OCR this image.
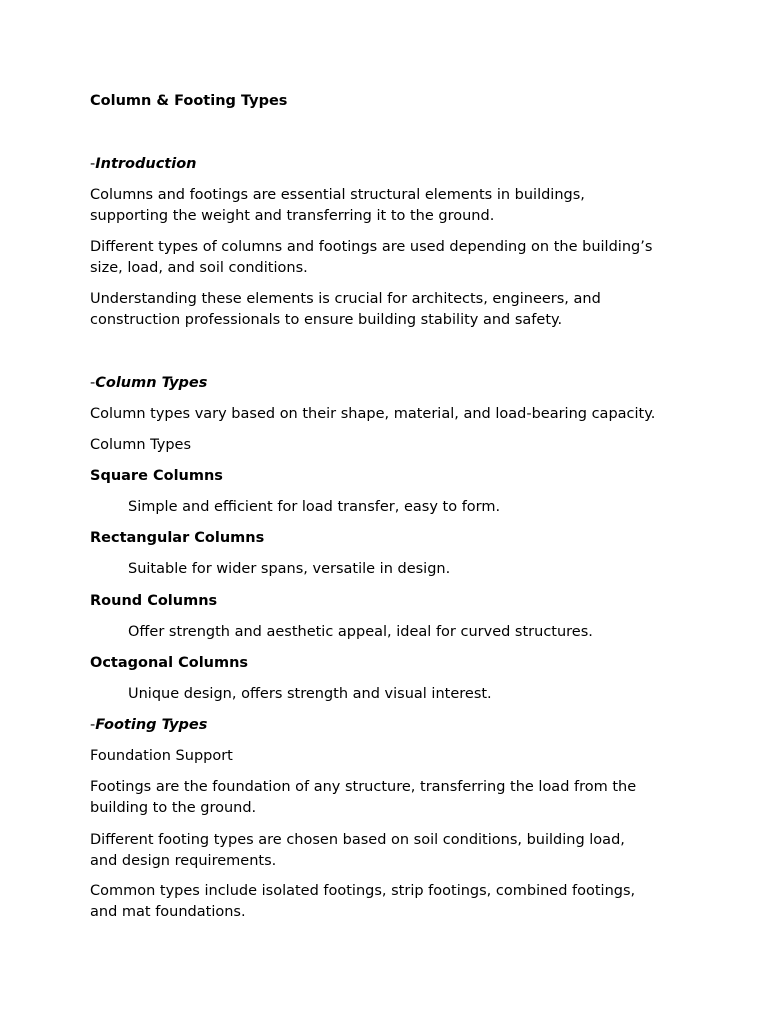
Column & Footing Types
-Introduction
Columns and footings are essential structural elements in buildings,
supporting the weight and transferring it to the ground.
Different types of columns and footings are used depending on the building’s
size, load, and soil conditions.
Understanding these elements is crucial for architects, engineers, and
construction professionals to ensure building stability and safety.
-Column Types
Column types vary based on their shape, material, and load-bearing capacity.
Column Types
Square Columns
Simple and efficient for load transfer, easy to form.
Rectangular Columns
Suitable for wider spans, versatile in design.
Round Columns
Offer strength and aesthetic appeal, ideal for curved structures.
Octagonal Columns
Unique design, offers strength and visual interest.
-Footing Types
Foundation Support
Footings are the foundation of any structure, transferring the load from the
building to the ground.
Different footing types are chosen based on soil conditions, building load,
and design requirements.
Common types include isolated footings, strip footings, combined footings,
and mat foundations.
